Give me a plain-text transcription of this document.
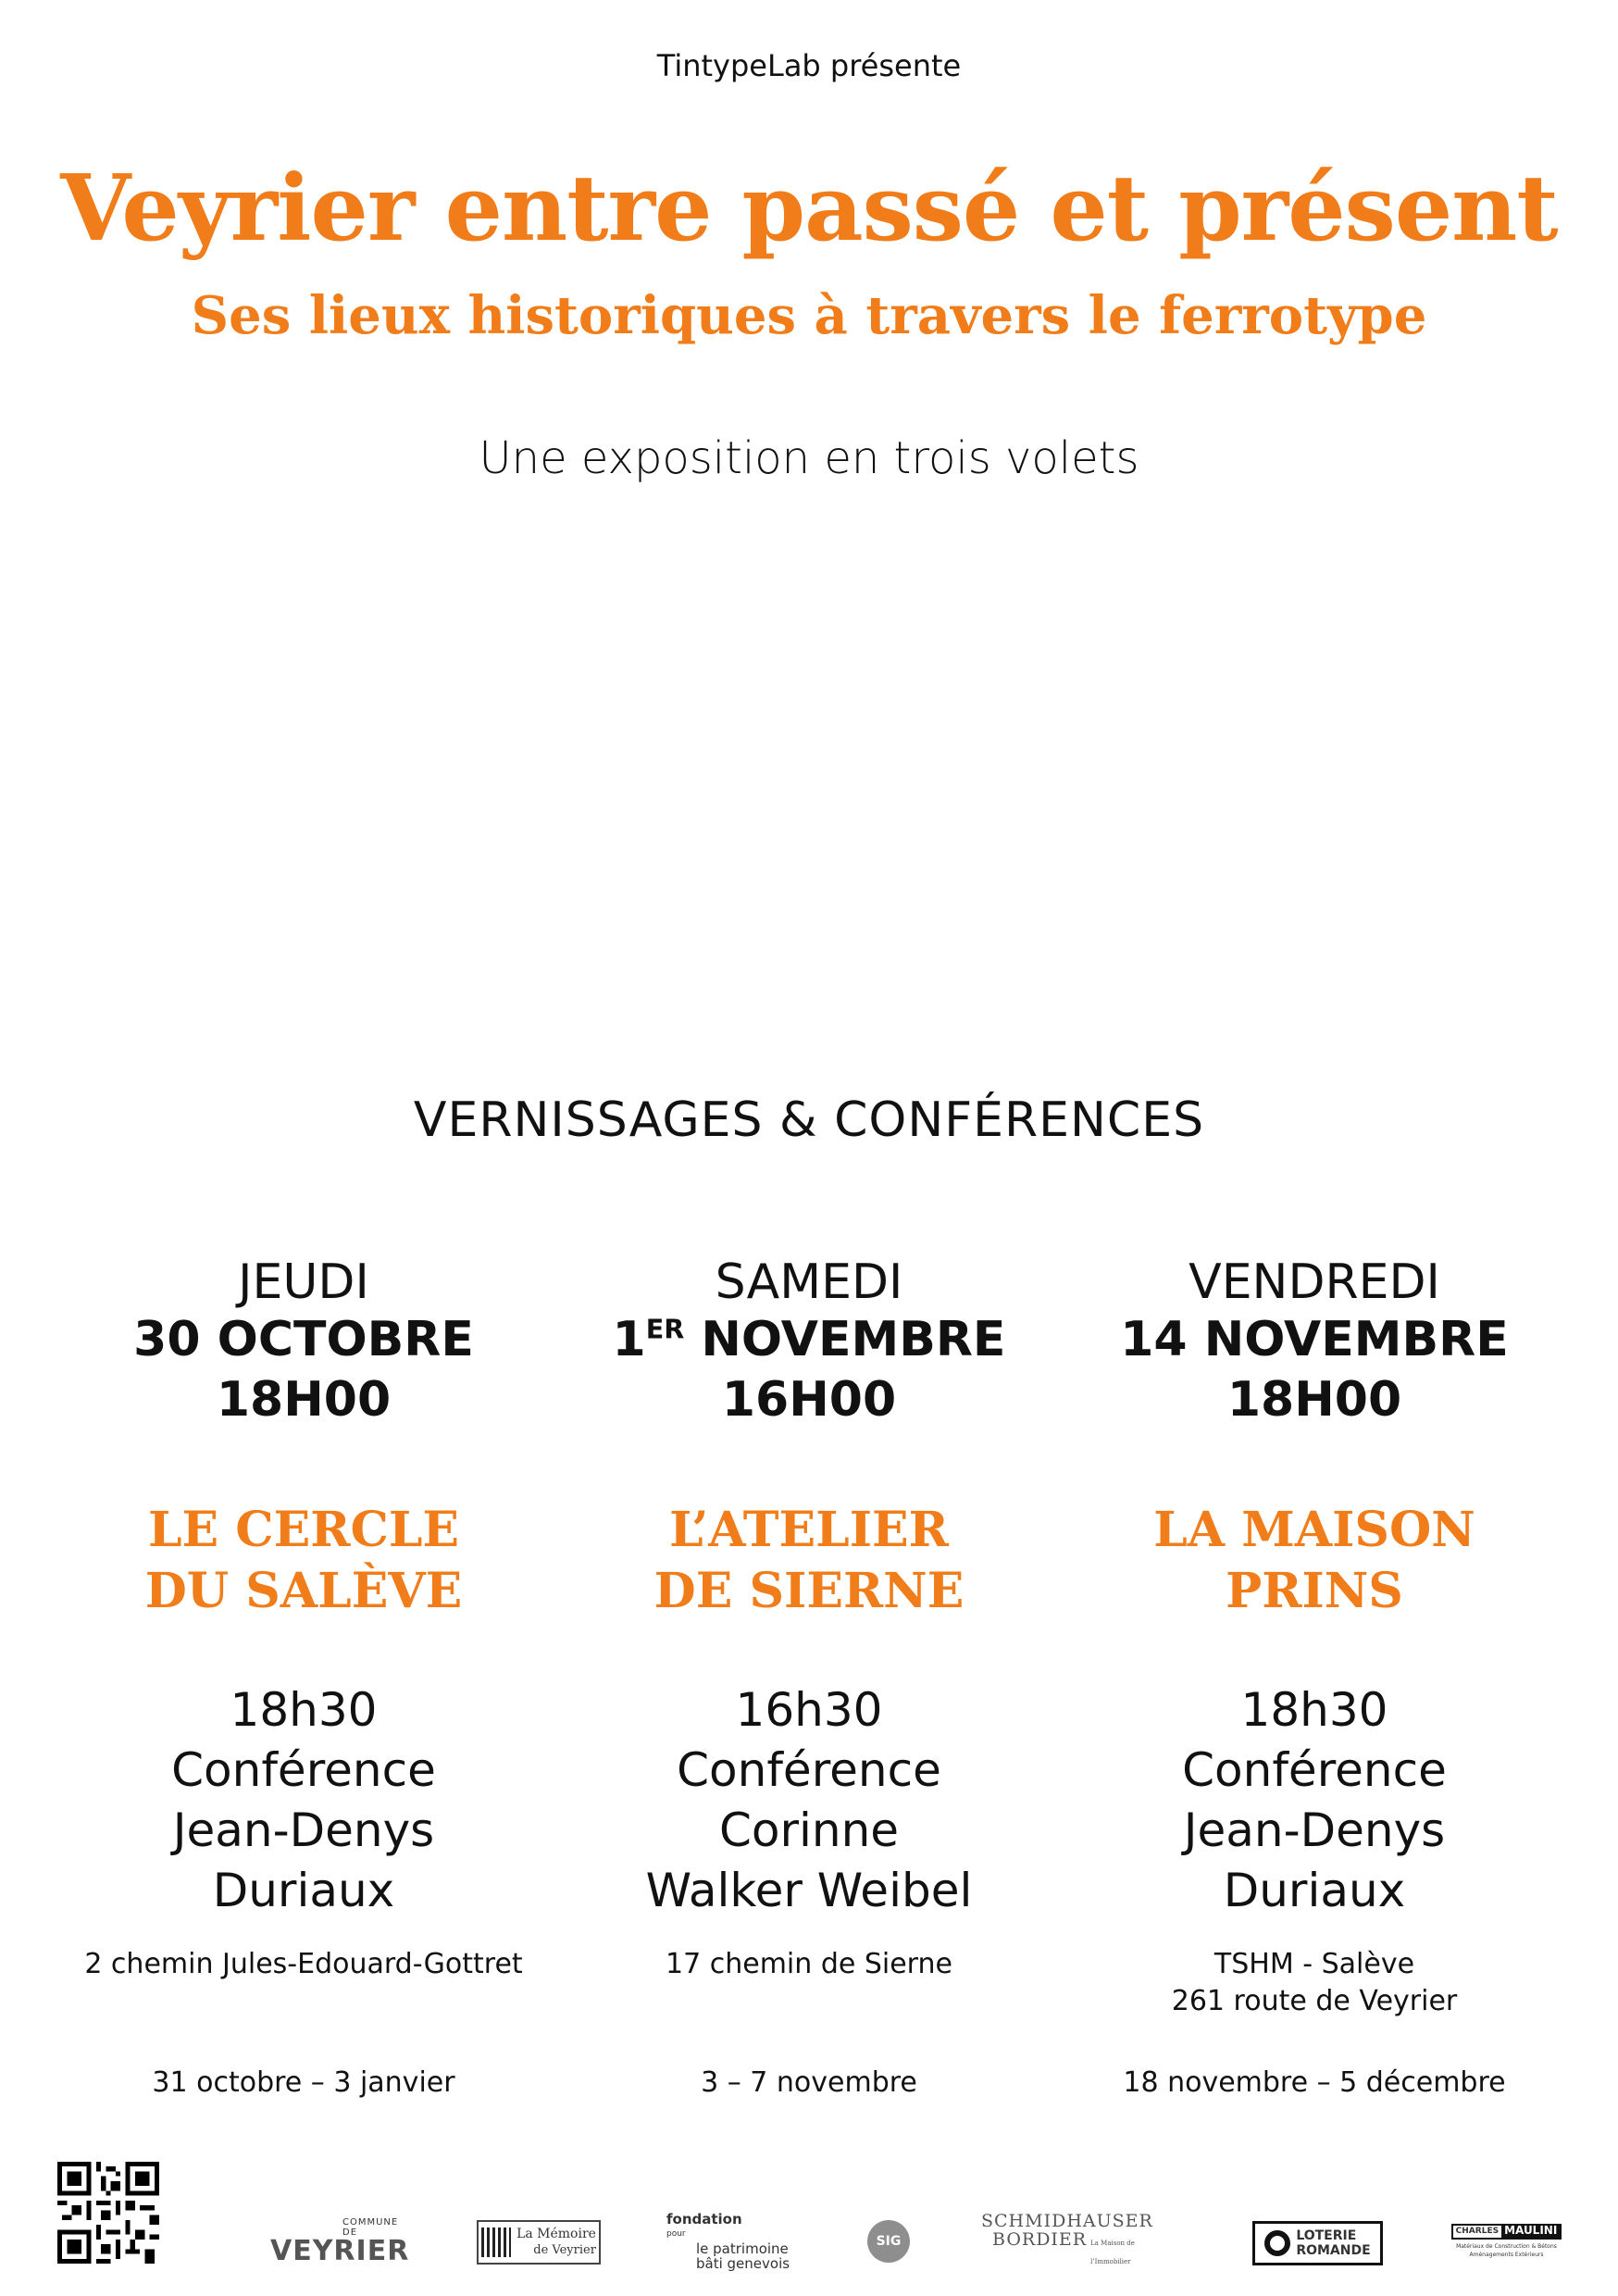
TintypeLab présente
Veyrier entre passé et présent
Ses lieux historiques à travers le ferrotype
Une exposition en trois volets
VERNISSAGES & CONFÉRENCES
JEUDI
30 OCTOBRE
18H00
LE CERCLE
DU SALÈVE
18h30
Conférence
Jean-Denys
Duriaux
2 chemin Jules-Edouard-Gottret
31 octobre – 3 janvier
SAMEDI
1ER NOVEMBRE
16H00
L’ATELIER
DE SIERNE
16h30
Conférence
Corinne
Walker Weibel
17 chemin de Sierne
3 – 7 novembre
VENDREDI
14 NOVEMBRE
18H00
LA MAISON
PRINS
18h30
Conférence
Jean-Denys
Duriaux
TSHM - Salève
261 route de Veyrier
18 novembre – 5 décembre
COMMUNE DE
VEYRIER
La Mémoire
de Veyrier
fondation
pour
le patrimoine
bâti genevois
SIG
SCHMIDHAUSER
BORDIER La Maison de l’Immobilier
LOTERIE
ROMANDE
CHARLES MAULINI
Matériaux de Construction & Bétons
Aménagements Extérieurs
